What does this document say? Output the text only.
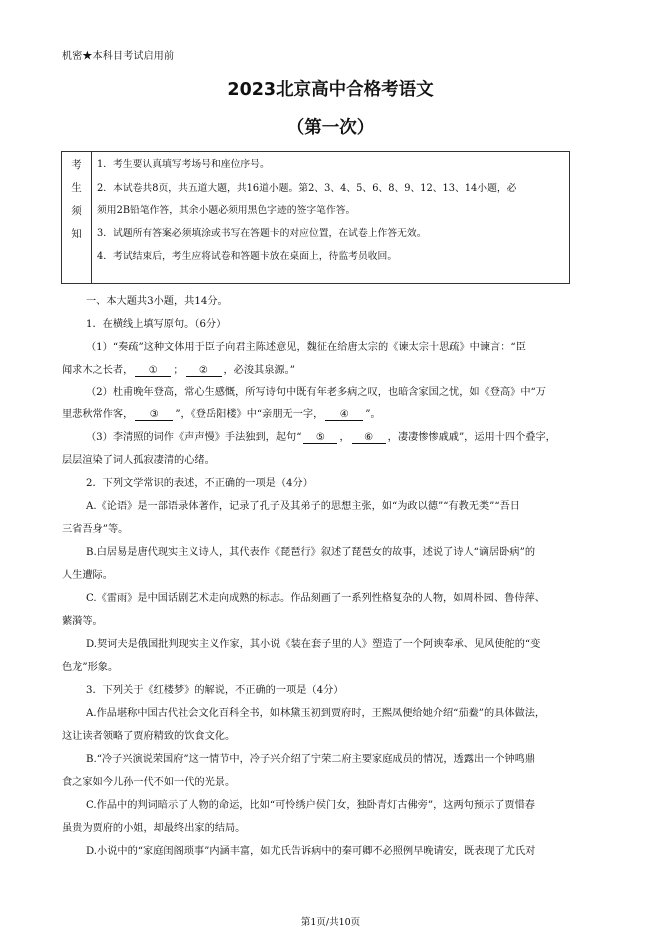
机密★本科目考试启用前
2023北京高中合格考语文
（第一次）
考
生
须
知
1．考生要认真填写考场号和座位序号。
2．本试卷共8页，共五道大题，共16道小题。第2、3、4、5、6、8、9、12、13、14小题，必
须用2B铅笔作答，其余小题必须用黑色字迹的签字笔作答。
3．试题所有答案必须填涂或书写在答题卡的对应位置，在试卷上作答无效。
4．考试结束后，考生应将试卷和答题卡放在桌面上，待监考员收回。
一、本大题共3小题，共14分。
1．在横线上填写原句。（6分）
（1）“奏疏”这种文体用于臣子向君主陈述意见，魏征在给唐太宗的《谏太宗十思疏》中谏言：“臣
闻求木之长者， ① ； ② ，必浚其泉源。”
（2）杜甫晚年登高，常心生感慨，所写诗句中既有年老多病之叹，也暗含家国之忧，如《登高》中“万
里悲秋常作客， ③ ”，《登岳阳楼》中“亲朋无一字， ④ ”。
（3）李清照的词作《声声慢》手法独到，起句“ ⑤ ， ⑥ ，凄凄惨惨戚戚”，运用十四个叠字，
层层渲染了词人孤寂凄清的心绪。
2．下列文学常识的表述，不正确的一项是（4分）
A.《论语》是一部语录体著作，记录了孔子及其弟子的思想主张，如“为政以德”“有教无类”“吾日
三省吾身”等。
B.白居易是唐代现实主义诗人，其代表作《琵琶行》叙述了琵琶女的故事，述说了诗人“谪居卧病”的
人生遭际。
C.《雷雨》是中国话剧艺术走向成熟的标志。作品刻画了一系列性格复杂的人物，如周朴园、鲁侍萍、
蘩漪等。
D.契诃夫是俄国批判现实主义作家，其小说《装在套子里的人》塑造了一个阿谀奉承、见风使舵的“变
色龙”形象。
3．下列关于《红楼梦》的解说，不正确的一项是（4分）
A.作品堪称中国古代社会文化百科全书，如林黛玉初到贾府时，王熙凤便给她介绍“茄鲞”的具体做法，
这让读者领略了贾府精致的饮食文化。
B.“冷子兴演说荣国府”这一情节中，冷子兴介绍了宁荣二府主要家庭成员的情况，透露出一个钟鸣鼎
食之家如今儿孙一代不如一代的光景。
C.作品中的判词暗示了人物的命运，比如“可怜绣户侯门女，独卧青灯古佛旁”，这两句预示了贾惜春
虽贵为贾府的小姐，却最终出家的结局。
D.小说中的“家庭闺阁琐事”内涵丰富，如尤氏告诉病中的秦可卿不必照例早晚请安，既表现了尤氏对
第1页/共10页
